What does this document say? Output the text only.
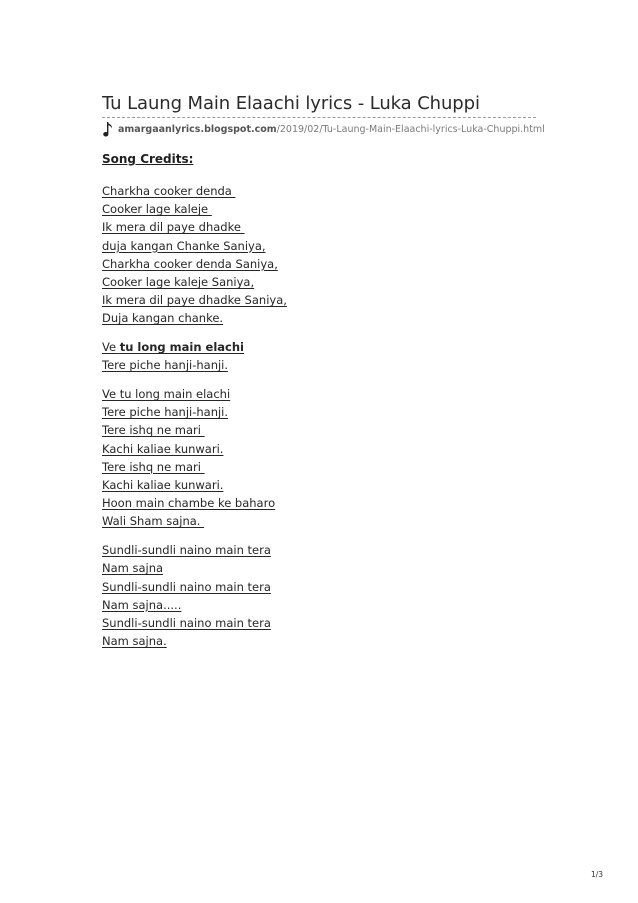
Tu Laung Main Elaachi lyrics - Luka Chuppi
amargaanlyrics.blogspot.com /2019/02/Tu-Laung-Main-Elaachi-lyrics-Luka-Chuppi.html
Song Credits:
Charkha cooker denda
Cooker lage kaleje
Ik mera dil paye dhadke
duja kangan Chanke Saniya,
Charkha cooker denda Saniya,
Cooker lage kaleje Saniya,
Ik mera dil paye dhadke Saniya,
Duja kangan chanke.
Ve tu long main elachi
Tere piche hanji-hanji.
Ve tu long main elachi
Tere piche hanji-hanji.
Tere ishq ne mari
Kachi kaliae kunwari.
Tere ishq ne mari
Kachi kaliae kunwari.
Hoon main chambe ke baharo
Wali Sham sajna.
Sundli-sundli naino main tera
Nam sajna
Sundli-sundli naino main tera
Nam sajna.....
Sundli-sundli naino main tera
Nam sajna.
1/3
